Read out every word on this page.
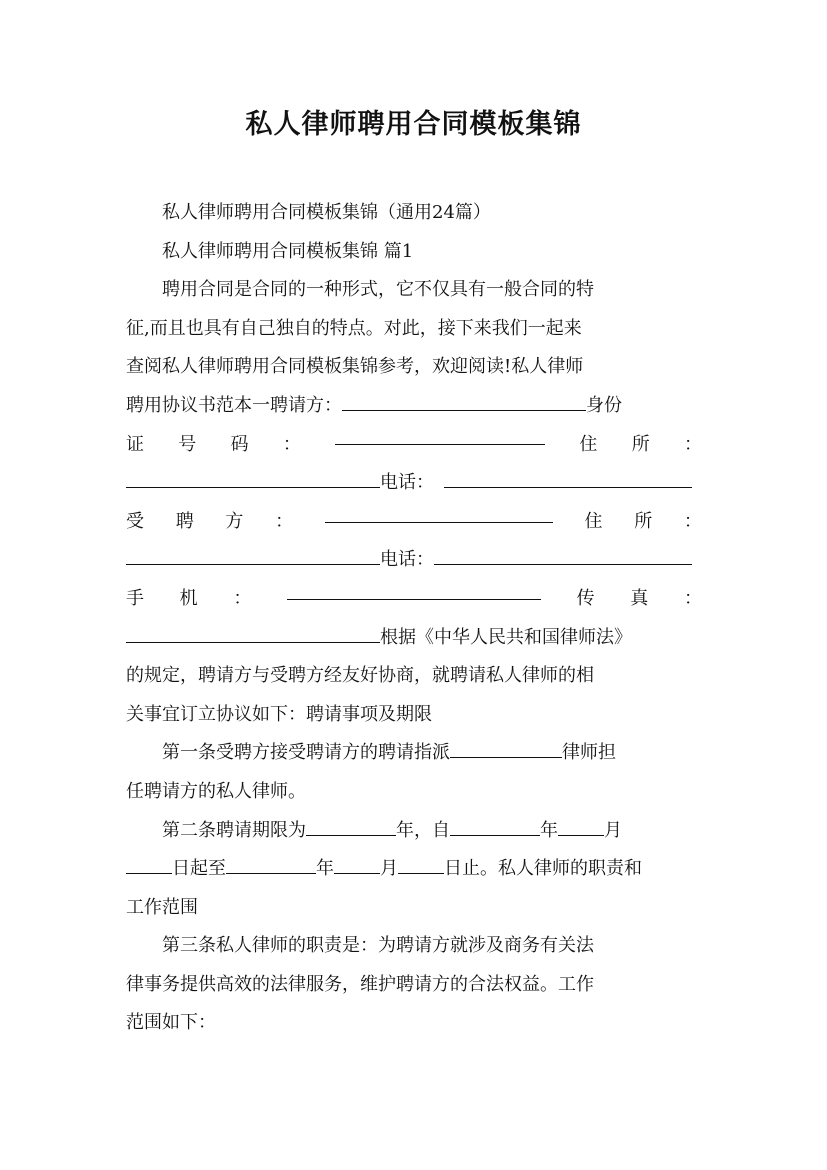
私人律师聘用合同模板集锦
私人律师聘用合同模板集锦（通用24篇）
私人律师聘用合同模板集锦 篇1
聘用合同是合同的一种形式，它不仅具有一般合同的特
征,而且也具有自己独自的特点。对此，接下来我们一起来
查阅私人律师聘用合同模板集锦参考，欢迎阅读!私人律师
聘用协议书范本一聘请方：	身份
证 号 码 ：	住 所 ：
电话：
受 聘 方 ：	住 所 ：
电话：
手 机 ：	传 真 ：
根据《中华人民共和国律师法》
的规定，聘请方与受聘方经友好协商，就聘请私人律师的相
关事宜订立协议如下：聘请事项及期限
第一条受聘方接受聘请方的聘请指派	律师担
任聘请方的私人律师。
第二条聘请期限为	年，自	年	月
日起至	年	月	日止。私人律师的职责和
工作范围
第三条私人律师的职责是：为聘请方就涉及商务有关法
律事务提供高效的法律服务，维护聘请方的合法权益。工作
范围如下：
